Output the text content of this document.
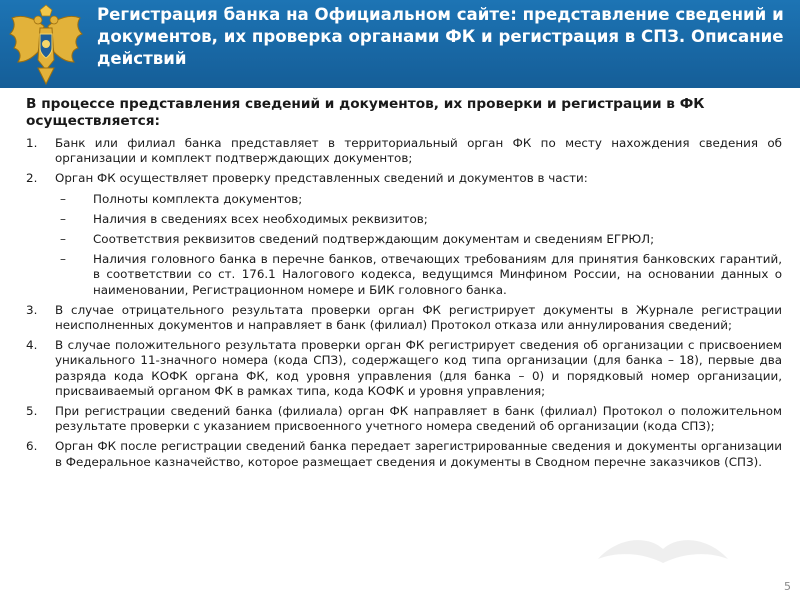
Регистрация банка на Официальном сайте: представление сведений и документов, их проверка органами ФК и регистрация в СПЗ. Описание действий
В процессе представления сведений и документов, их проверки и регистрации в ФК осуществляется:
1. Банк или филиал банка представляет в территориальный орган ФК по месту нахождения сведения об организации и комплект подтверждающих документов;
2. Орган ФК осуществляет проверку представленных сведений и документов в части:
– Полноты комплекта документов;
– Наличия в сведениях всех необходимых реквизитов;
– Соответствия реквизитов сведений подтверждающим документам и сведениям ЕГРЮЛ;
– Наличия головного банка в перечне банков, отвечающих требованиям для принятия банковских гарантий, в соответствии со ст. 176.1 Налогового кодекса, ведущимся Минфином России, на основании данных о наименовании, Регистрационном номере и БИК головного банка.
3. В случае отрицательного результата проверки орган ФК регистрирует документы в Журнале регистрации неисполненных документов и направляет в банк (филиал) Протокол отказа или аннулирования сведений;
4. В случае положительного результата проверки орган ФК регистрирует сведения об организации с присвоением уникального 11-значного номера (кода СПЗ), содержащего код типа организации (для банка – 18), первые два разряда кода КОФК органа ФК, код уровня управления (для банка – 0) и порядковый номер организации, присваиваемый органом ФК в рамках типа, кода КОФК и уровня управления;
5. При регистрации сведений банка (филиала) орган ФК направляет в банк (филиал) Протокол о положительном результате проверки с указанием присвоенного учетного номера сведений об организации (кода СПЗ);
6. Орган ФК после регистрации сведений банка передает зарегистрированные сведения и документы организации в Федеральное казначейство, которое размещает сведения и документы в Сводном перечне заказчиков (СПЗ).
5
